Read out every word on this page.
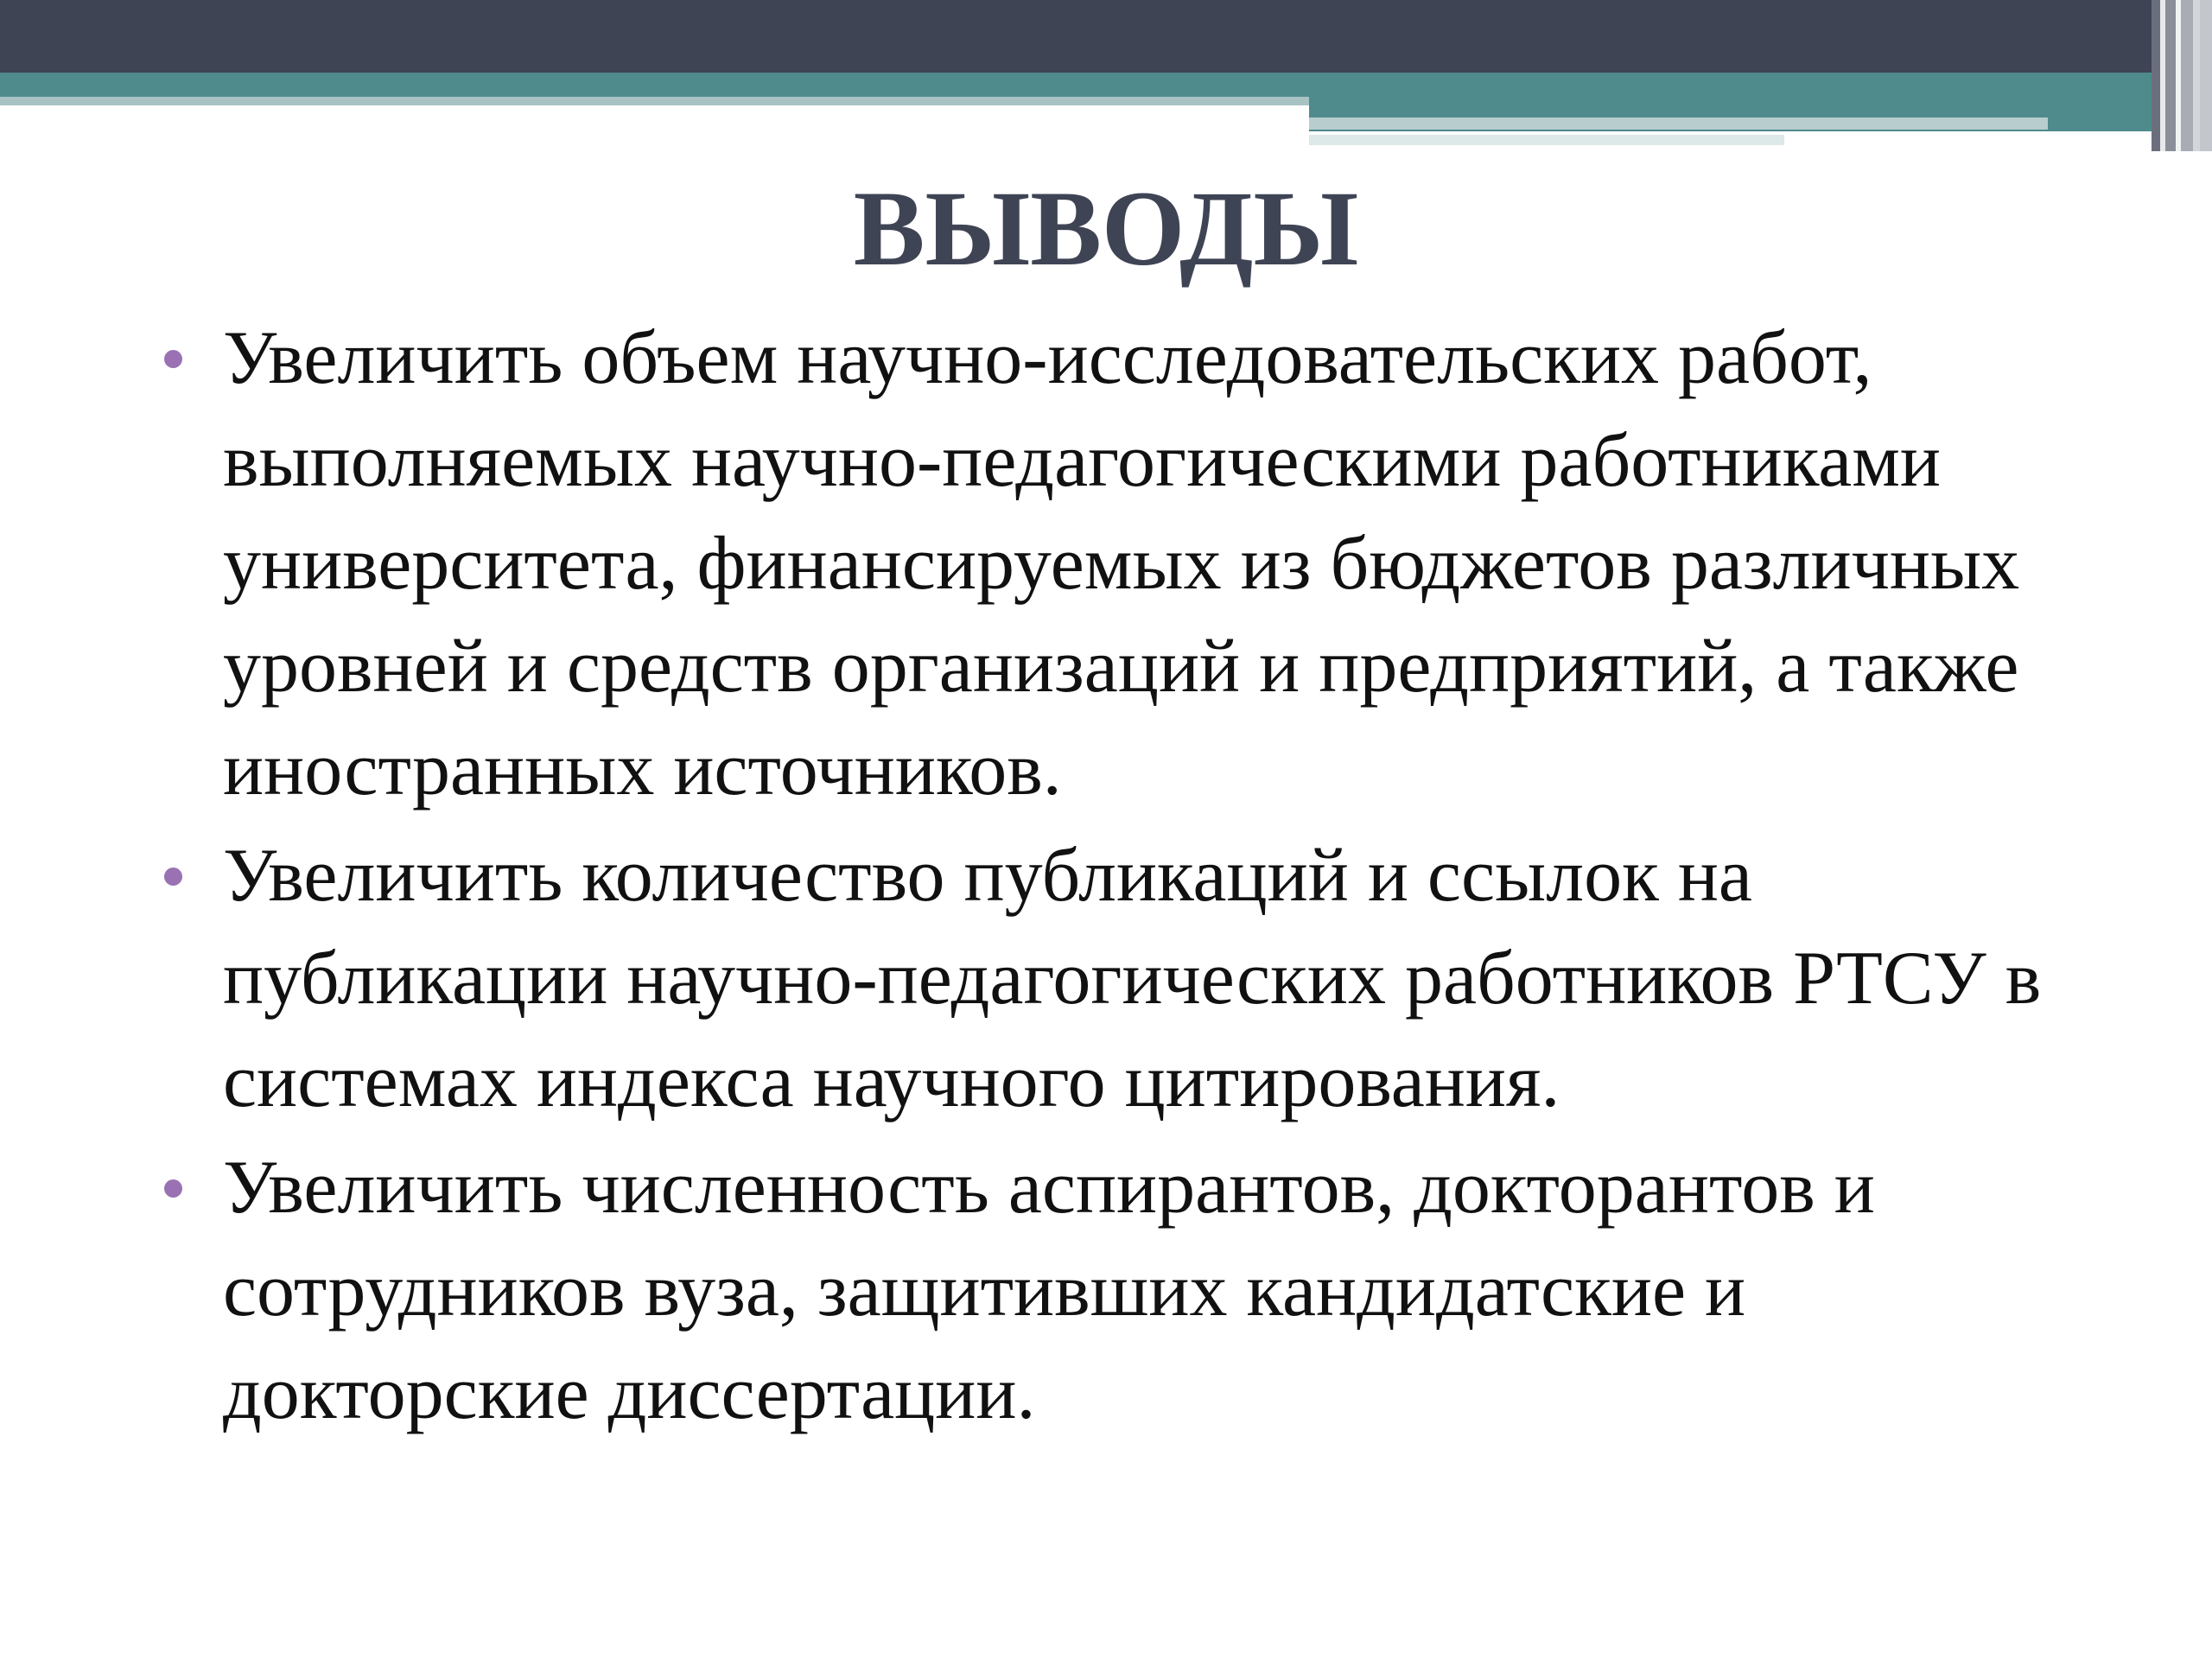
ВЫВОДЫ
Увеличить объем научно-исследовательских работ, выполняемых научно-педагогическими работниками университета, финансируемых из бюджетов различных уровней и средств организаций и предприятий, а также иностранных источников.
Увеличить количество публикаций и ссылок на публикации научно-педагогических работников РТСУ в системах индекса научного цитирования.
Увеличить численность аспирантов, докторантов и сотрудников вуза, защитивших кандидатские и докторские диссертации.
